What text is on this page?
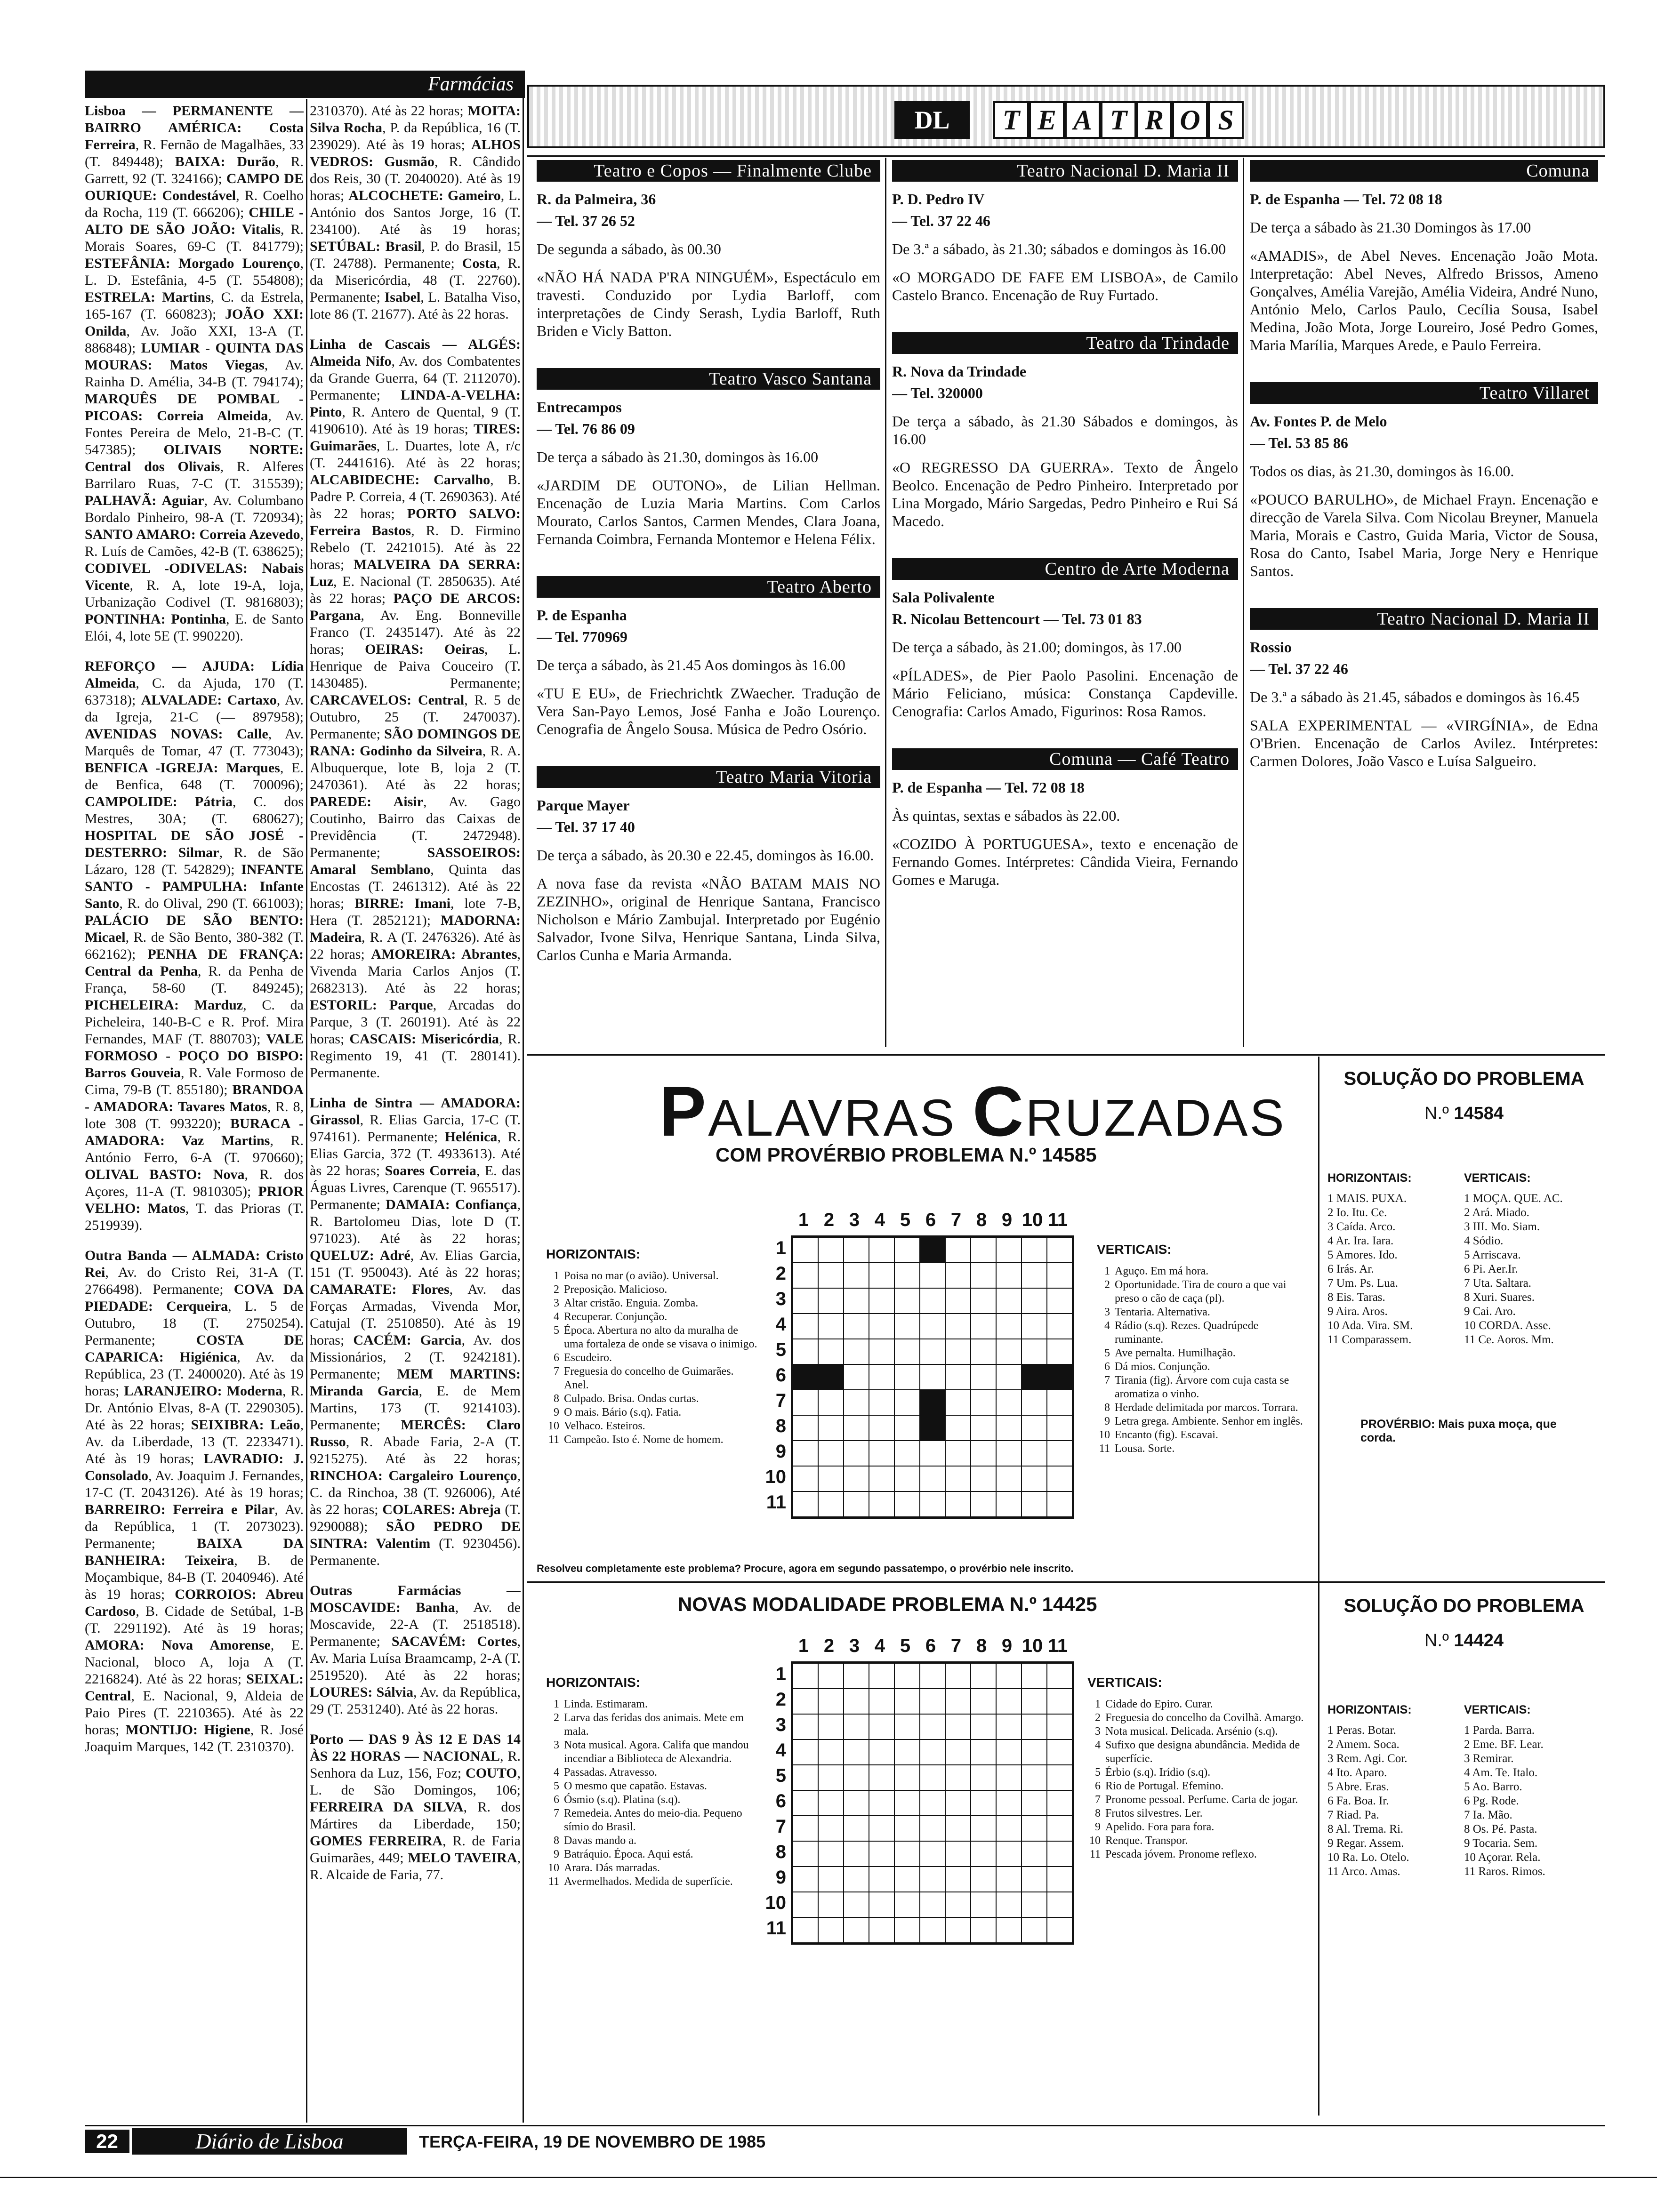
Farmácias

Lisboa — PERMANENTE — BAIRRO AMÉRICA: Costa Ferreira, R. Fernão de Magalhães, 33 (T. 849448); BAIXA: Durão, R. Garrett, 92 (T. 324166); CAMPO DE OURIQUE: Condestável, R. Coelho da Rocha, 119 (T. 666206); CHILE - ALTO DE SÃO JOÃO: Vitalis, R. Morais Soares, 69-C (T. 841779); ESTEFÂNIA: Morgado Lourenço, L. D. Estefânia, 4-5 (T. 554808); ESTRELA: Martins, C. da Estrela, 165-167 (T. 660823); JOÃO XXI: Onilda, Av. João XXI, 13-A (T. 886848); LUMIAR - QUINTA DAS MOURAS: Matos Viegas, Av. Rainha D. Amélia, 34-B (T. 794174); MARQUÊS DE POMBAL -PICOAS: Correia Almeida, Av. Fontes Pereira de Melo, 21-B-C (T. 547385); OLIVAIS NORTE: Central dos Olivais, R. Alferes Barrilaro Ruas, 7-C (T. 315539); PALHAVÃ: Aguiar, Av. Columbano Bordalo Pinheiro, 98-A (T. 720934); SANTO AMARO: Correia Azevedo, R. Luís de Camões, 42-B (T. 638625); CODIVEL -ODIVELAS: Nabais Vicente, R. A, lote 19-A, loja, Urbanização Codivel (T. 9816803); PONTINHA: Pontinha, E. de Santo Elói, 4, lote 5E (T. 990220).

REFORÇO — AJUDA: Lídia Almeida, C. da Ajuda, 170 (T. 637318); ALVALADE: Cartaxo, Av. da Igreja, 21-C (— 897958); AVENIDAS NOVAS: Calle, Av. Marquês de Tomar, 47 (T. 773043); BENFICA -IGREJA: Marques, E. de Benfica, 648 (T. 700096); CAMPOLIDE: Pátria, C. dos Mestres, 30A; (T. 680627); HOSPITAL DE SÃO JOSÉ - DESTERRO: Silmar, R. de São Lázaro, 128 (T. 542829); INFANTE SANTO - PAMPULHA: Infante Santo, R. do Olival, 290 (T. 661003); PALÁCIO DE SÃO BENTO: Micael, R. de São Bento, 380-382 (T. 662162); PENHA DE FRANÇA: Central da Penha, R. da Penha de França, 58-60 (T. 849245); PICHELEIRA: Marduz, C. da Picheleira, 140-B-C e R. Prof. Mira Fernandes, MAF (T. 880703); VALE FORMOSO - POÇO DO BISPO: Barros Gouveia, R. Vale Formoso de Cima, 79-B (T. 855180); BRANDOA - AMADORA: Tavares Matos, R. 8, lote 308 (T. 993220); BURACA - AMADORA: Vaz Martins, R. António Ferro, 6-A (T. 970660); OLIVAL BASTO: Nova, R. dos Açores, 11-A (T. 9810305); PRIOR VELHO: Matos, T. das Prioras (T. 2519939).

Outra Banda — ALMADA: Cristo Rei, Av. do Cristo Rei, 31-A (T. 2766498). Permanente; COVA DA PIEDADE: Cerqueira, L. 5 de Outubro, 18 (T. 2750254). Permanente; COSTA DE CAPARICA: Higiénica, Av. da República, 23 (T. 2400020). Até às 19 horas; LARANJEIRO: Moderna, R. Dr. António Elvas, 8-A (T. 2290305). Até às 22 horas; SEIXIBRA: Leão, Av. da Liberdade, 13 (T. 2233471). Até às 19 horas; LAVRADIO: J. Consolado, Av. Joaquim J. Fernandes, 17-C (T. 2043126). Até às 19 horas; BARREIRO: Ferreira e Pilar, Av. da República, 1 (T. 2073023). Permanente; BAIXA DA BANHEIRA: Teixeira, B. de Moçambique, 84-B (T. 2040946). Até às 19 horas; CORROIOS: Abreu Cardoso, B. Cidade de Setúbal, 1-B (T. 2291192). Até às 19 horas; AMORA: Nova Amorense, E. Nacional, bloco A, loja A (T. 2216824). Até às 22 horas; SEIXAL: Central, E. Nacional, 9, Aldeia de Paio Pires (T. 2210365). Até às 22 horas; MONTIJO: Higiene, R. José Joaquim Marques, 142 (T. 2310370).

2310370). Até às 22 horas; MOITA: Silva Rocha, P. da República, 16 (T. 239029). Até às 19 horas; ALHOS VEDROS: Gusmão, R. Cândido dos Reis, 30 (T. 2040020). Até às 19 horas; ALCOCHETE: Gameiro, L. António dos Santos Jorge, 16 (T. 234100). Até às 19 horas; SETÚBAL: Brasil, P. do Brasil, 15 (T. 24788). Permanente; Costa, R. da Misericórdia, 48 (T. 22760). Permanente; Isabel, L. Batalha Viso, lote 86 (T. 21677). Até às 22 horas.

Linha de Cascais — ALGÉS: Almeida Nifo, Av. dos Combatentes da Grande Guerra, 64 (T. 2112070). Permanente; LINDA-A-VELHA: Pinto, R. Antero de Quental, 9 (T. 4190610). Até às 19 horas; TIRES: Guimarães, L. Duartes, lote A, r/c (T. 2441616). Até às 22 horas; ALCABIDECHE: Carvalho, B. Padre P. Correia, 4 (T. 2690363). Até às 22 horas; PORTO SALVO: Ferreira Bastos, R. D. Firmino Rebelo (T. 2421015). Até às 22 horas; MALVEIRA DA SERRA: Luz, E. Nacional (T. 2850635). Até às 22 horas; PAÇO DE ARCOS: Pargana, Av. Eng. Bonneville Franco (T. 2435147). Até às 22 horas; OEIRAS: Oeiras, L. Henrique de Paiva Couceiro (T. 1430485). Permanente; CARCAVELOS: Central, R. 5 de Outubro, 25 (T. 2470037). Permanente; SÃO DOMINGOS DE RANA: Godinho da Silveira, R. A. Albuquerque, lote B, loja 2 (T. 2470361). Até às 22 horas; PAREDE: Aisir, Av. Gago Coutinho, Bairro das Caixas de Previdência (T. 2472948). Permanente; SASSOEIROS: Amaral Semblano, Quinta das Encostas (T. 2461312). Até às 22 horas; BIRRE: Imani, lote 7-B, Hera (T. 2852121); MADORNA: Madeira, R. A (T. 2476326). Até às 22 horas; AMOREIRA: Abrantes, Vivenda Maria Carlos Anjos (T. 2682313). Até às 22 horas; ESTORIL: Parque, Arcadas do Parque, 3 (T. 260191). Até às 22 horas; CASCAIS: Misericórdia, R. Regimento 19, 41 (T. 280141). Permanente.

Linha de Sintra — AMADORA: Girassol, R. Elias Garcia, 17-C (T. 974161). Permanente; Helénica, R. Elias Garcia, 372 (T. 4933613). Até às 22 horas; Soares Correia, E. das Águas Livres, Carenque (T. 965517). Permanente; DAMAIA: Confiança, R. Bartolomeu Dias, lote D (T. 971023). Até às 22 horas; QUELUZ: Adré, Av. Elias Garcia, 151 (T. 950043). Até às 22 horas; CAMARATE: Flores, Av. das Forças Armadas, Vivenda Mor, Catujal (T. 2510850). Até às 19 horas; CACÉM: Garcia, Av. dos Missionários, 2 (T. 9242181). Permanente; MEM MARTINS: Miranda Garcia, E. de Mem Martins, 173 (T. 9214103). Permanente; MERCÊS: Claro Russo, R. Abade Faria, 2-A (T. 9215275). Até às 22 horas; RINCHOA: Cargaleiro Lourenço, C. da Rinchoa, 38 (T. 926006), Até às 22 horas; COLARES: Abreja (T. 9290088); SÃO PEDRO DE SINTRA: Valentim (T. 9230456). Permanente.

Outras Farmácias — MOSCAVIDE: Banha, Av. de Moscavide, 22-A (T. 2518518). Permanente; SACAVÉM: Cortes, Av. Maria Luísa Braamcamp, 2-A (T. 2519520). Até às 22 horas; LOURES: Sálvia, Av. da República, 29 (T. 2531240). Até às 22 horas.

Porto — DAS 9 ÀS 12 E DAS 14 ÀS 22 HORAS — NACIONAL, R. Senhora da Luz, 156, Foz; COUTO, L. de São Domingos, 106; FERREIRA DA SILVA, R. dos Mártires da Liberdade, 150; GOMES FERREIRA, R. de Faria Guimarães, 449; MELO TAVEIRA, R. Alcaide de Faria, 77.

DL	T E A T R O S
Teatro e Copos — Finalmente Clube
R. da Palmeira, 36
— Tel. 37 26 52
De segunda a sábado, às 00.30
«NÃO HÁ NADA P'RA NINGUÉM», Espectáculo em travesti. Conduzido por Lydia Barloff, com interpretações de Cindy Serash, Lydia Barloff, Ruth Briden e Vicly Batton.
Teatro Vasco Santana
Entrecampos
— Tel. 76 86 09
De terça a sábado às 21.30, domingos às 16.00
«JARDIM DE OUTONO», de Lilian Hellman. Encenação de Luzia Maria Martins. Com Carlos Mourato, Carlos Santos, Carmen Mendes, Clara Joana, Fernanda Coimbra, Fernanda Montemor e Helena Félix.
Teatro Aberto
P. de Espanha
— Tel. 770969
De terça a sábado, às 21.45 Aos domingos às 16.00
«TU E EU», de Friechrichtk ZWaecher. Tradução de Vera San-Payo Lemos, José Fanha e João Lourenço. Cenografia de Ângelo Sousa. Música de Pedro Osório.
Teatro Maria Vitoria
Parque Mayer
— Tel. 37 17 40
De terça a sábado, às 20.30 e 22.45, domingos às 16.00.
A nova fase da revista «NÃO BATAM MAIS NO ZEZINHO», original de Henrique Santana, Francisco Nicholson e Mário Zambujal. Interpretado por Eugénio Salvador, Ivone Silva, Henrique Santana, Linda Silva, Carlos Cunha e Maria Armanda.
Teatro Nacional D. Maria II
P. D. Pedro IV
— Tel. 37 22 46
De 3.ª a sábado, às 21.30; sábados e domingos às 16.00
«O MORGADO DE FAFE EM LISBOA», de Camilo Castelo Branco. Encenação de Ruy Furtado.
Teatro da Trindade
R. Nova da Trindade
— Tel. 320000
De terça a sábado, às 21.30 Sábados e domingos, às 16.00
«O REGRESSO DA GUERRA». Texto de Ângelo Beolco. Encenação de Pedro Pinheiro. Interpretado por Lina Morgado, Mário Sargedas, Pedro Pinheiro e Rui Sá Macedo.
Centro de Arte Moderna
Sala Polivalente
R. Nicolau Bettencourt — Tel. 73 01 83
De terça a sábado, às 21.00; domingos, às 17.00
«PÍLADES», de Pier Paolo Pasolini. Encenação de Mário Feliciano, música: Constança Capdeville. Cenografia: Carlos Amado, Figurinos: Rosa Ramos.
Comuna — Café Teatro
P. de Espanha — Tel. 72 08 18
Às quintas, sextas e sábados às 22.00.
«COZIDO À PORTUGUESA», texto e encenação de Fernando Gomes. Intérpretes: Cândida Vieira, Fernando Gomes e Maruga.
Comuna
P. de Espanha — Tel. 72 08 18
De terça a sábado às 21.30 Domingos às 17.00
«AMADIS», de Abel Neves. Encenação João Mota. Interpretação: Abel Neves, Alfredo Brissos, Ameno Gonçalves, Amélia Varejão, Amélia Videira, André Nuno, António Melo, Carlos Paulo, Cecília Sousa, Isabel Medina, João Mota, Jorge Loureiro, José Pedro Gomes, Maria Marília, Marques Arede, e Paulo Ferreira.
Teatro Villaret
Av. Fontes P. de Melo
— Tel. 53 85 86
Todos os dias, às 21.30, domingos às 16.00.
«POUCO BARULHO», de Michael Frayn. Encenação e direcção de Varela Silva. Com Nicolau Breyner, Manuela Maria, Morais e Castro, Guida Maria, Victor de Sousa, Rosa do Canto, Isabel Maria, Jorge Nery e Henrique Santos.
Teatro Nacional D. Maria II
Rossio
— Tel. 37 22 46
De 3.ª a sábado às 21.45, sábados e domingos às 16.45
SALA EXPERIMENTAL — «VIRGÍNIA», de Edna O'Brien. Encenação de Carlos Avilez. Intérpretes: Carmen Dolores, João Vasco e Luísa Salgueiro.
PALAVRAS CRUZADAS
COM PROVÉRBIO PROBLEMA N.º 14585
1 2 3 4 5 6 7 8 9 10 11
1
2
3
4
5
6
7
8
9
10
11
HORIZONTAIS:
1 Poisa no mar (o avião). Universal.
2 Preposição. Malicioso.
3 Altar cristão. Enguia. Zomba.
4 Recuperar. Conjunção.
5 Época. Abertura no alto da muralha de uma fortaleza de onde se visava o inimigo.
6 Escudeiro.
7 Freguesia do concelho de Guimarães. Anel.
8 Culpado. Brisa. Ondas curtas.
9 O mais. Bário (s.q). Fatia.
10 Velhaco. Esteiros.
11 Campeão. Isto é. Nome de homem.
VERTICAIS:
1 Aguço. Em má hora.
2 Oportunidade. Tira de couro a que vai preso o cão de caça (pl).
3 Tentaria. Alternativa.
4 Rádio (s.q). Rezes. Quadrúpede ruminante.
5 Ave pernalta. Humilhação.
6 Dá mios. Conjunção.
7 Tirania (fig). Árvore com cuja casta se aromatiza o vinho.
8 Herdade delimitada por marcos. Torrara.
9 Letra grega. Ambiente. Senhor em inglês.
10 Encanto (fig). Escavai.
11 Lousa. Sorte.
Resolveu completamente este problema? Procure, agora em segundo passatempo, o provérbio nele inscrito.
NOVAS MODALIDADE PROBLEMA N.º 14425
1 2 3 4 5 6 7 8 9 10 11
1
2
3
4
5
6
7
8
9
10
11
HORIZONTAIS:
1 Linda. Estimaram.
2 Larva das feridas dos animais. Mete em mala.
3 Nota musical. Agora. Califa que mandou incendiar a Biblioteca de Alexandria.
4 Passadas. Atravesso.
5 O mesmo que capatão. Estavas.
6 Ósmio (s.q). Platina (s.q).
7 Remedeia. Antes do meio-dia. Pequeno símio do Brasil.
8 Davas mando a.
9 Batráquio. Época. Aqui está.
10 Arara. Dás marradas.
11 Avermelhados. Medida de superfície.
VERTICAIS:
1 Cidade do Epiro. Curar.
2 Freguesia do concelho da Covilhã. Amargo.
3 Nota musical. Delicada. Arsénio (s.q).
4 Sufixo que designa abundância. Medida de superfície.
5 Érbio (s.q). Irídio (s.q).
6 Rio de Portugal. Efemino.
7 Pronome pessoal. Perfume. Carta de jogar.
8 Frutos silvestres. Ler.
9 Apelido. Fora para fora.
10 Renque. Transpor.
11 Pescada jóvem. Pronome reflexo.
SOLUÇÃO DO PROBLEMA
N.º 14584
HORIZONTAIS:
1 MAIS. PUXA.
2 Io. Itu. Ce.
3 Caída. Arco.
4 Ar. Ira. Iara.
5 Amores. Ido.
6 Irás. Ar.
7 Um. Ps. Lua.
8 Eis. Taras.
9 Aira. Aros.
10 Ada. Vira. SM.
11 Comparassem.
VERTICAIS:
1 MOÇA. QUE. AC.
2 Ará. Miado.
3 III. Mo. Siam.
4 Sódio.
5 Arriscava.
6 Pi. Aer.Ir.
7 Uta. Saltara.
8 Xuri. Suares.
9 Cai. Aro.
10 CORDA. Asse.
11 Ce. Aoros. Mm.
PROVÉRBIO: Mais puxa moça, que corda.
SOLUÇÃO DO PROBLEMA
N.º 14424
HORIZONTAIS:
1 Peras. Botar.
2 Amem. Soca.
3 Rem. Agi. Cor.
4 Ito. Aparo.
5 Abre. Eras.
6 Fa. Boa. Ir.
7 Riad. Pa.
8 Al. Trema. Ri.
9 Regar. Assem.
10 Ra. Lo. Otelo.
11 Arco. Amas.
VERTICAIS:
1 Parda. Barra.
2 Eme. BF. Lear.
3 Remirar.
4 Am. Te. Italo.
5 Ao. Barro.
6 Pg. Rode.
7 Ia. Mão.
8 Os. Pé. Pasta.
9 Tocaria. Sem.
10 Açorar. Rela.
11 Raros. Rimos.
22	Diário de Lisboa	TERÇA-FEIRA, 19 DE NOVEMBRO DE 1985
